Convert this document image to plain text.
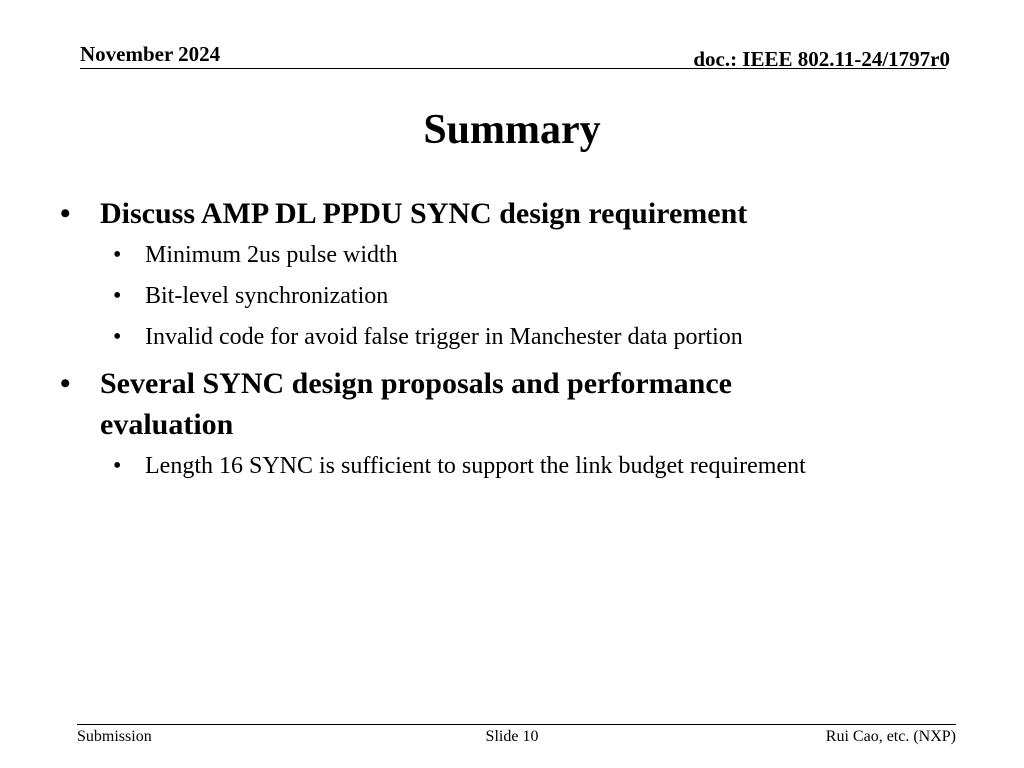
November 2024	doc.: IEEE 802.11-24/1797r0
Summary
• Discuss AMP DL PPDU SYNC design requirement
• Minimum 2us pulse width
• Bit-level synchronization
• Invalid code for avoid false trigger in Manchester data portion
• Several SYNC design proposals and performance evaluation
• Length 16 SYNC is sufficient to support the link budget requirement
Submission	Slide 10	Rui Cao, etc. (NXP)
